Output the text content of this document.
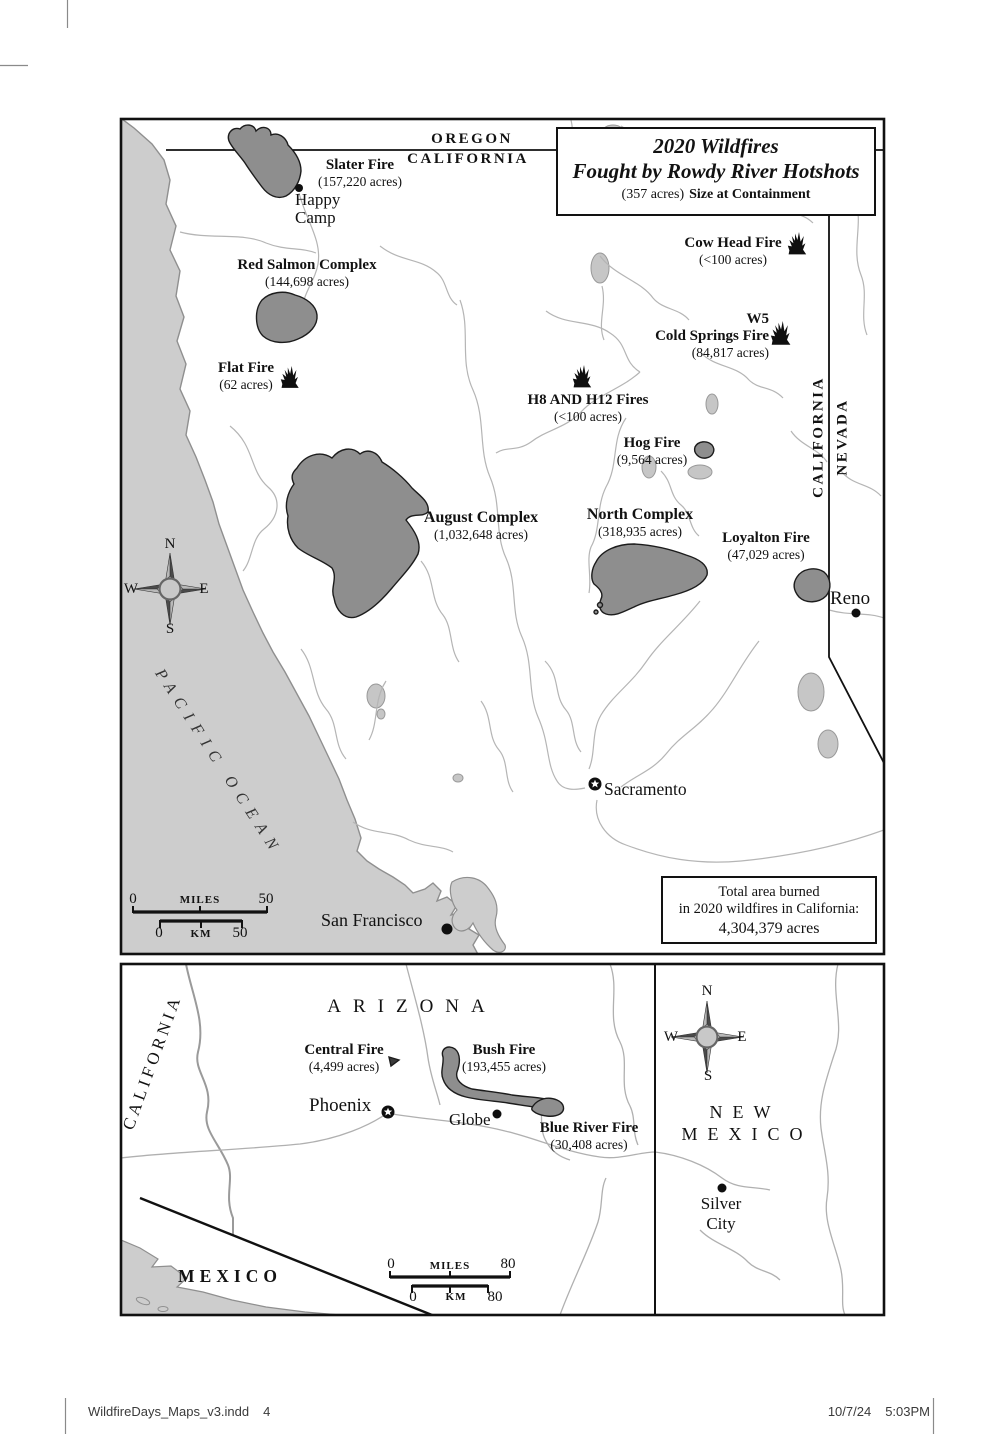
2020 Wildfires
Fought by Rowdy River Hotshots
(357 acres) Size at Containment
Total area burned
in 2020 wildfires in California:
4,304,379 acres
OREGON
CALIFORNIA
CALIFORNIA NEVADA
PACIFIC OCEAN
Slater Fire
(157,220 acres)
Red Salmon Complex
(144,698 acres)
Cow Head Fire
(<100 acres)
W5
Cold Springs Fire
(84,817 acres)
Flat Fire
(62 acres)
H8 AND H12 Fires
(<100 acres)
Hog Fire
(9,564 acres)
August Complex
(1,032,648 acres)
North Complex
(318,935 acres)	Loyalton Fire
(47,029 acres)
Happy Camp
Reno
Sacramento
San Francisco
N
S
W	E
0	MILES	50
0	KM 50
ARIZONA
CALIFORNIA	NEW
MEXICO
MEXICO
Central Fire
(4,499 acres)
Bush Fire
(193,455 acres)
Blue River Fire
(30,408 acres)
Phoenix
Globe
Silver City
N
S
W	E
0	MILES 80
0	KM 80
WildfireDays_Maps_v3.indd 4	10/7/24 5:03PM
